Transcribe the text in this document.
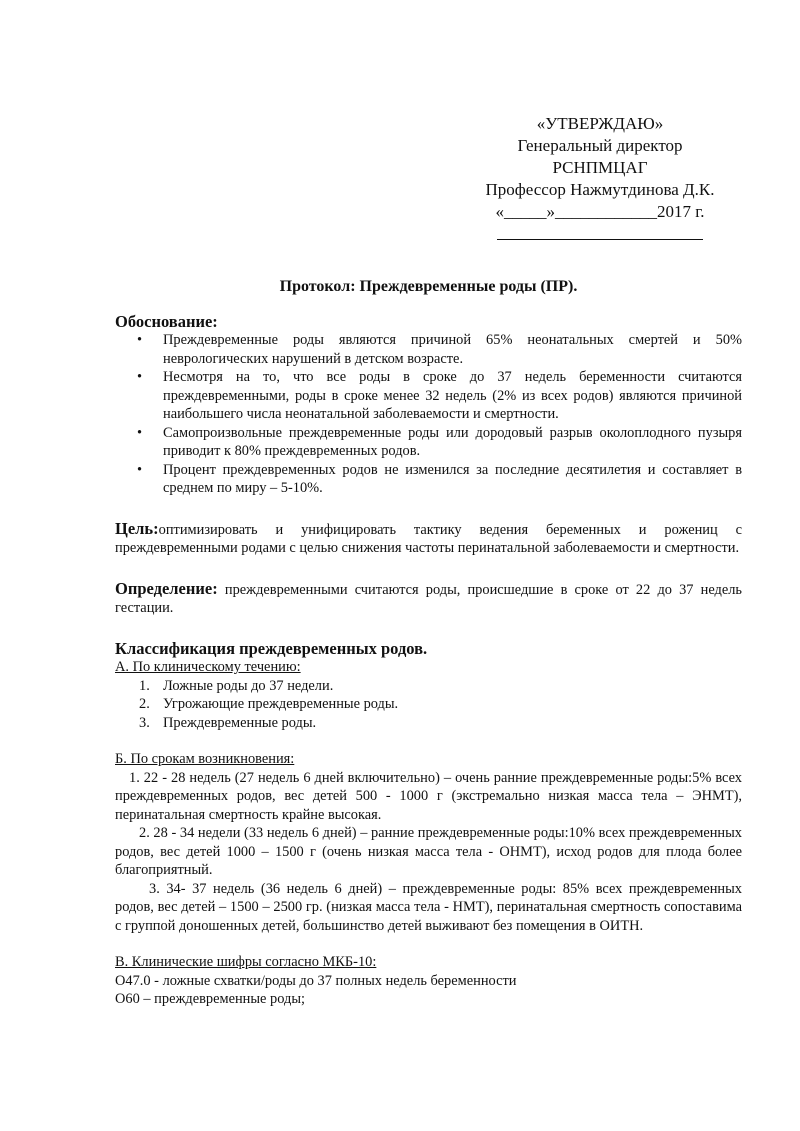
«УТВЕРЖДАЮ»
Генеральный директор
РСНПМЦАГ
Профессор Нажмутдинова Д.К.
«_____»____________2017 г.
Протокол: Преждевременные роды (ПР).
Обоснование:
• Преждевременные роды являются причиной 65% неонатальных смертей и 50% неврологических нарушений в детском возрасте.
• Несмотря на то, что все роды в сроке до 37 недель беременности считаются преждевременными, роды в сроке менее 32 недель (2% из всех родов) являются причиной наибольшего числа неонатальной заболеваемости и смертности.
• Самопроизвольные преждевременные роды или дородовый разрыв околоплодного пузыря приводит к 80% преждевременных родов.
• Процент преждевременных родов не изменился за последние десятилетия и составляет в среднем по миру – 5-10%.
Цель:оптимизировать и унифицировать тактику ведения беременных и рожениц с преждевременными родами с целью снижения частоты перинатальной заболеваемости и смертности.
Определение: преждевременными считаются роды, происшедшие в сроке от 22 до 37 недель гестации.
Классификация преждевременных родов.
А. По клиническому течению:
1. Ложные роды до 37 недели.
2. Угрожающие преждевременные роды.
3. Преждевременные роды.
Б. По срокам возникновения:
1. 22 - 28 недель (27 недель 6 дней включительно) – очень ранние преждевременные роды:5% всех преждевременных родов, вес детей 500 - 1000 г (экстремально низкая масса тела – ЭНМТ), перинатальная смертность крайне высокая.
2. 28 - 34 недели (33 недель 6 дней) – ранние преждевременные роды:10% всех преждевременных родов, вес детей 1000 – 1500 г (очень низкая масса тела - ОНМТ), исход родов для плода более благоприятный.
3. 34- 37 недель (36 недель 6 дней) – преждевременные роды: 85% всех преждевременных родов, вес детей – 1500 – 2500 гр. (низкая масса тела - НМТ), перинатальная смертность сопоставима с группой доношенных детей, большинство детей выживают без помещения в ОИТН.
В. Клинические шифры согласно МКБ-10:
О47.0 - ложные схватки/роды до 37 полных недель беременности
О60 – преждевременные роды;
